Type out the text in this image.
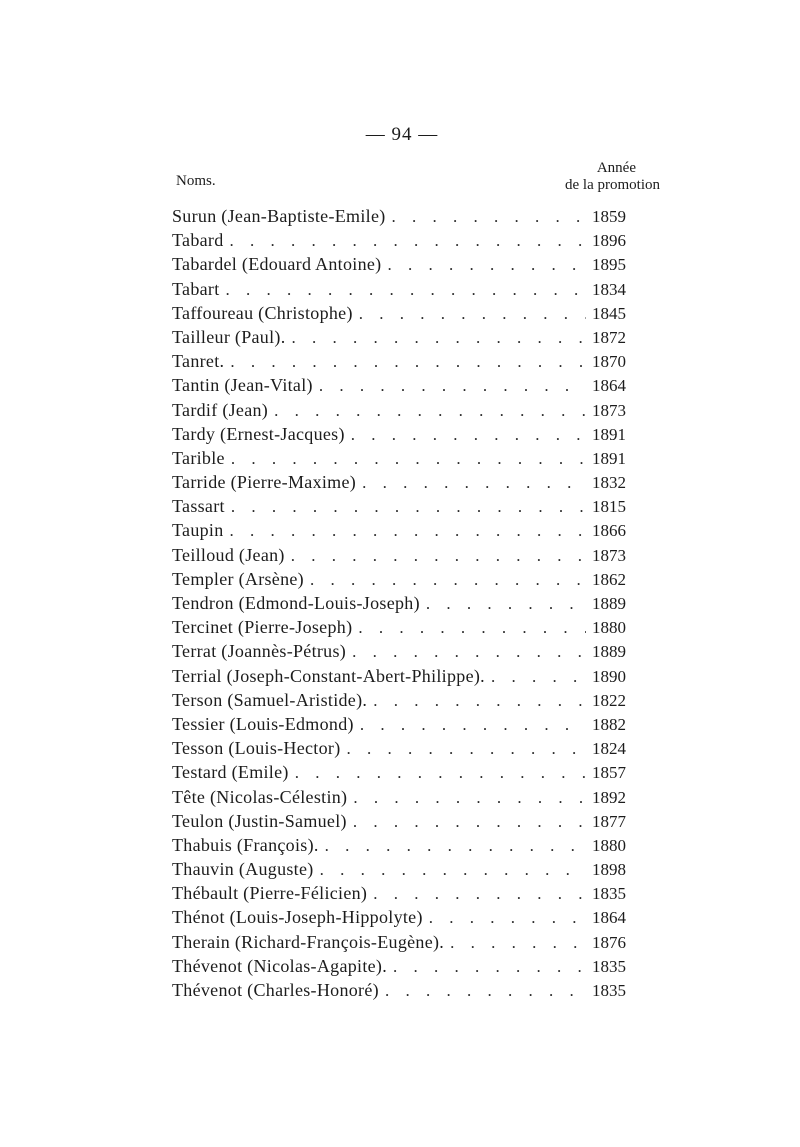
— 94 —
Noms.
Année
de la promotion
Surun (Jean-Baptiste-Emile) . . .	1859
Tabard . . .	1896
Tabardel (Edouard Antoine) . . .	1895
Tabart . . .	1834
Taffoureau (Christophe) . . .	1845
Tailleur (Paul). . . .	1872
Tanret. . . .	1870
Tantin (Jean-Vital) . . .	1864
Tardif (Jean) . . .	1873
Tardy (Ernest-Jacques) . . .	1891
Tarible . . .	1891
Tarride (Pierre-Maxime) . . .	1832
Tassart . . .	1815
Taupin . . .	1866
Teilloud (Jean) . . .	1873
Templer (Arsène) . . .	1862
Tendron (Edmond-Louis-Joseph) . . .	1889
Tercinet (Pierre-Joseph) . . .	1880
Terrat (Joannès-Pétrus) . . .	1889
Terrial (Joseph-Constant-Abert-Philippe). . . .	1890
Terson (Samuel-Aristide). . . .	1822
Tessier (Louis-Edmond) . . .	1882
Tesson (Louis-Hector) . . .	1824
Testard (Emile) . . .	1857
Tête (Nicolas-Célestin) . . .	1892
Teulon (Justin-Samuel) . . .	1877
Thabuis (François). . . .	1880
Thauvin (Auguste) . . .	1898
Thébault (Pierre-Félicien) . . .	1835
Thénot (Louis-Joseph-Hippolyte) . . .	1864
Therain (Richard-François-Eugène). . . .	1876
Thévenot (Nicolas-Agapite). . . .	1835
Thévenot (Charles-Honoré) . . .	1835
